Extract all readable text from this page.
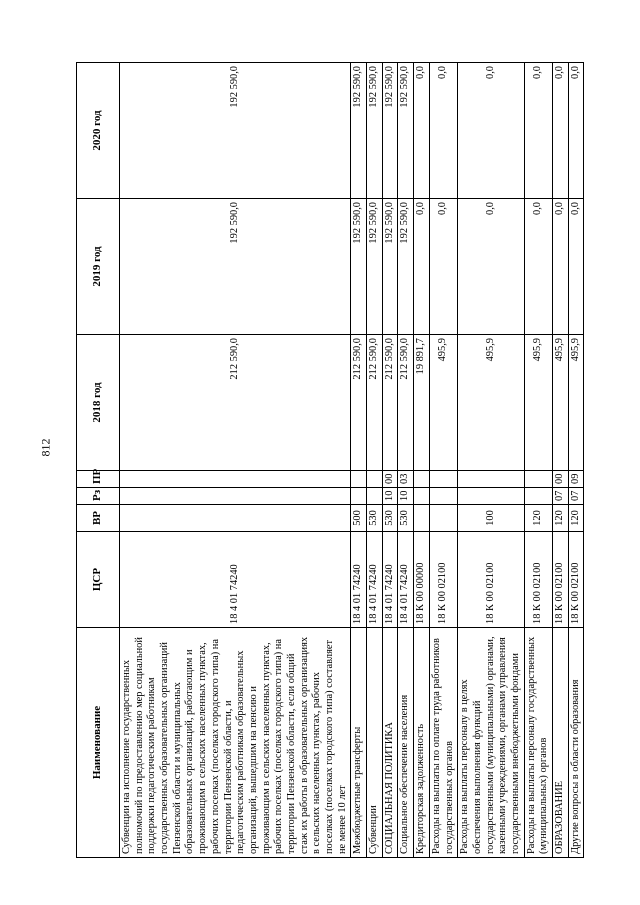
812
Наименование	ЦСР	ВР	Рз	ПР	2018 год	2019 год	2020 год
Субвенции на исполнение государственных полномочий по предоставлению мер социальной поддержки педагогическим работникам государственных образовательных организаций Пензенской области и муниципальных образовательных организаций, работающим и проживающим в сельских населенных пунктах, рабочих поселках (поселках городского типа) на территории Пензенской области, и педагогическим работникам образовательных организаций, вышедшим на пенсию и проживающим в сельских населенных пунктах, рабочих поселках (поселках городского типа) на территории Пензенской области, если общий стаж их работы в образовательных организациях в сельских населенных пунктах, рабочих поселках (поселках городского типа) составляет не менее 10 лет	18 4 01 74240				212 590,0	192 590,0	192 590,0
Межбюджетные трансферты	18 4 01 74240	500			212 590,0	192 590,0	192 590,0
Субвенции	18 4 01 74240	530			212 590,0	192 590,0	192 590,0
СОЦИАЛЬНАЯ ПОЛИТИКА	18 4 01 74240	530	10	00	212 590,0	192 590,0	192 590,0
Социальное обеспечение населения	18 4 01 74240	530	10	03	212 590,0	192 590,0	192 590,0
Кредиторская задолженность	18 К 00 00000				19 891,7	0,0	0,0
Расходы на выплаты по оплате труда работников государственных органов	18 К 00 02100				495,9	0,0	0,0
Расходы на выплаты персоналу в целях обеспечения выполнения функций государственными (муниципальными) органами, казенными учреждениями, органами управления государственными внебюджетными фондами	18 К 00 02100	100			495,9	0,0	0,0
Расходы на выплаты персоналу государственных (муниципальных) органов	18 К 00 02100	120			495,9	0,0	0,0
ОБРАЗОВАНИЕ	18 К 00 02100	120	07	00	495,9	0,0	0,0
Другие вопросы в области образования	18 К 00 02100	120	07	09	495,9	0,0	0,0
